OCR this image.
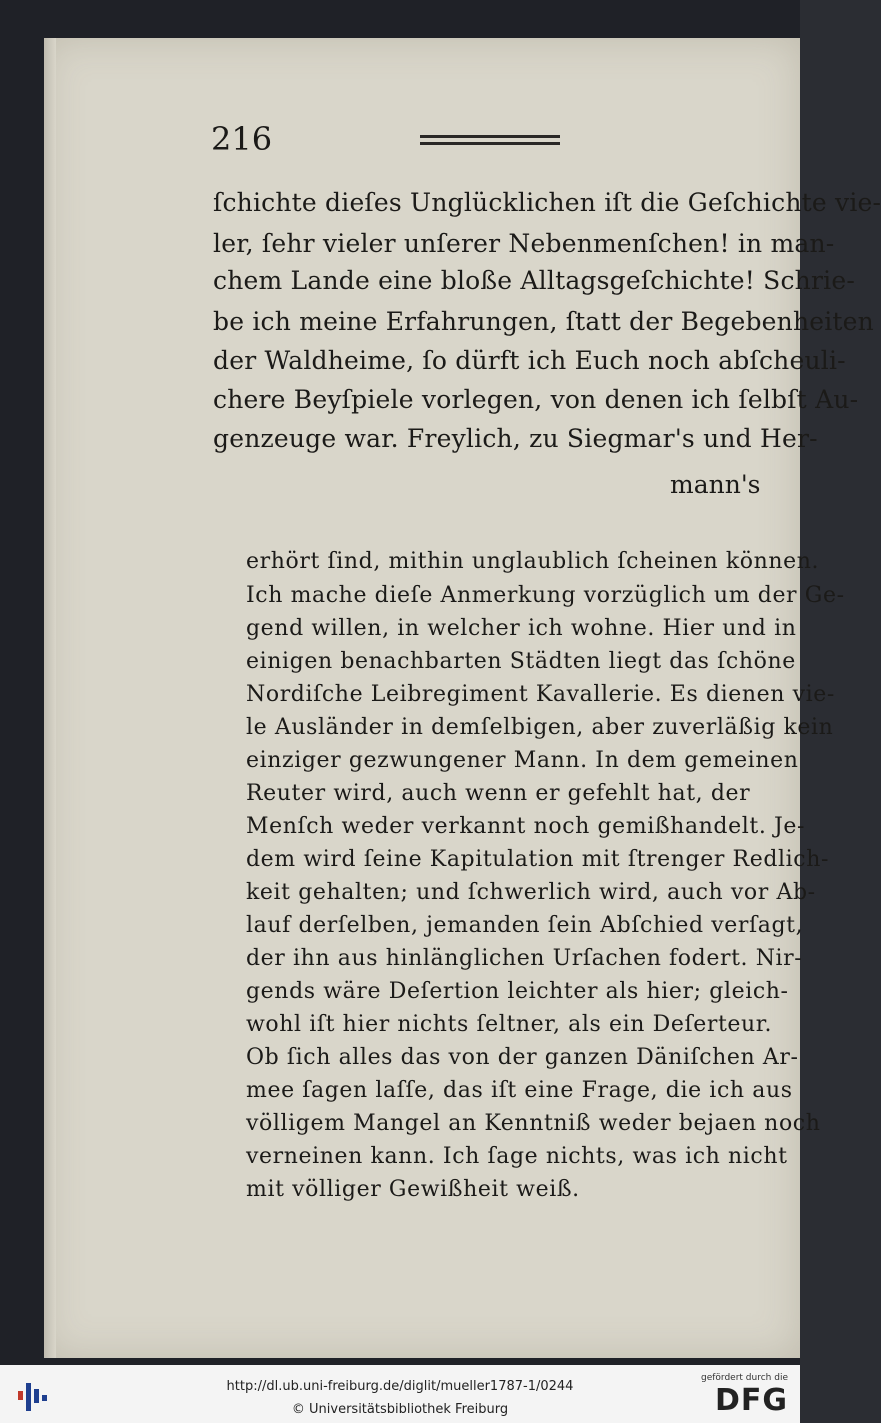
216
ſchichte dieſes Unglücklichen iſt die Geſchichte vie-
ler, ſehr vieler unſerer Nebenmenſchen! in man-
chem Lande eine bloße Alltagsgeſchichte! Schrie-
be ich meine Erfahrungen, ſtatt der Begebenheiten
der Waldheime, ſo dürft ich Euch noch abſcheuli-
chere Beyſpiele vorlegen, von denen ich ſelbſt Au-
genzeuge war. Freylich, zu Siegmar's und Her-
mann's
erhört ſind, mithin unglaublich ſcheinen können.
Ich mache dieſe Anmerkung vorzüglich um der Ge-
gend willen, in welcher ich wohne. Hier und in
einigen benachbarten Städten liegt das ſchöne
Nordiſche Leibregiment Kavallerie. Es dienen vie-
le Ausländer in demſelbigen, aber zuverläßig kein
einziger gezwungener Mann. In dem gemeinen
Reuter wird, auch wenn er gefehlt hat, der
Menſch weder verkannt noch gemißhandelt. Je-
dem wird ſeine Kapitulation mit ſtrenger Redlich-
keit gehalten; und ſchwerlich wird, auch vor Ab-
lauf derſelben, jemanden ſein Abſchied verſagt,
der ihn aus hinlänglichen Urſachen fodert. Nir-
gends wäre Deſertion leichter als hier; gleich-
wohl iſt hier nichts ſeltner, als ein Deſerteur.
Ob ſich alles das von der ganzen Däniſchen Ar-
mee ſagen laſſe, das iſt eine Frage, die ich aus
völligem Mangel an Kenntniß weder bejaen noch
verneinen kann. Ich ſage nichts, was ich nicht
mit völliger Gewißheit weiß.
http://dl.ub.uni-freiburg.de/diglit/mueller1787-1/0244
© Universitätsbibliothek Freiburg
gefördert durch die
DFG
